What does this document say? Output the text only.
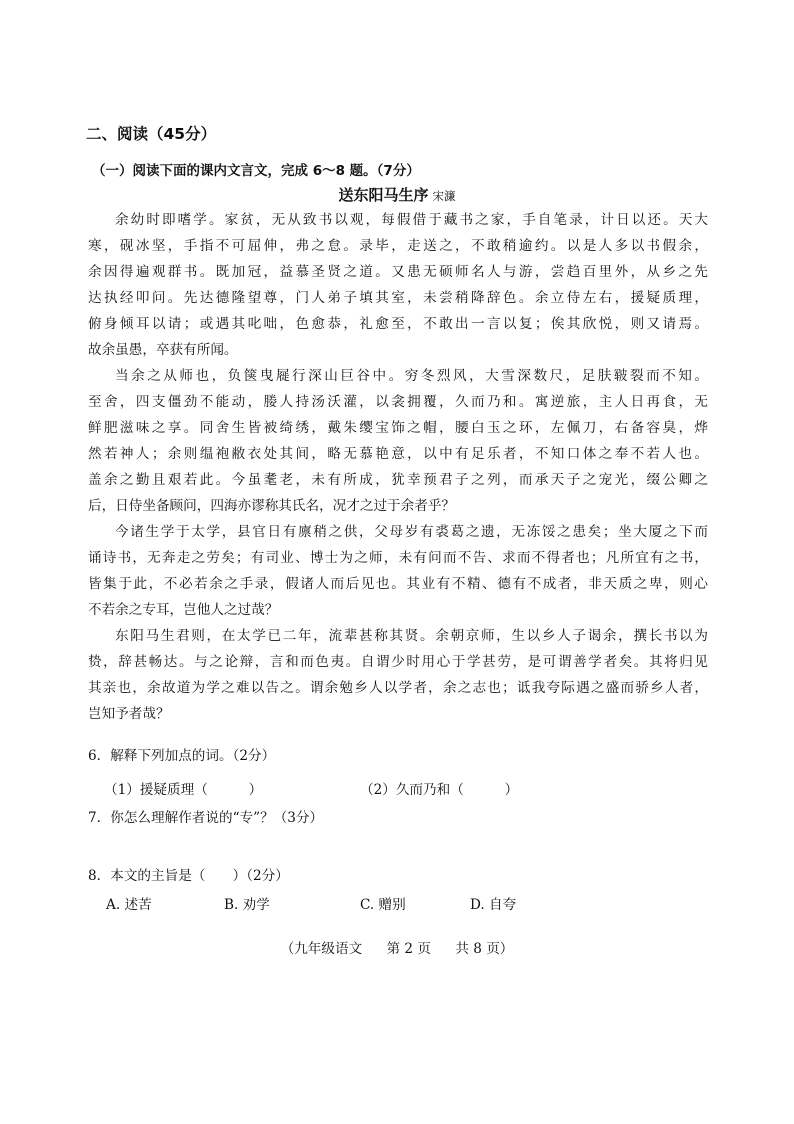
二、阅读（45分）
（一）阅读下面的课内文言文，完成 6～8 题。（7分）
送东阳马生序 宋濂
余幼时即嗜学。家贫，无从致书以观，每假借于藏书之家，手自笔录，计日以还。天大
寒，砚冰坚，手指不可屈伸，弗之怠。录毕，走送之，不敢稍逾约。以是人多以书假余，
余因得遍观群书。既加冠，益慕圣贤之道。又患无硕师名人与游，尝趋百里外，从乡之先
达执经叩问。先达德隆望尊，门人弟子填其室，未尝稍降辞色。余立侍左右，援疑质理，
俯身倾耳以请；或遇其叱咄，色愈恭，礼愈至，不敢出一言以复；俟其欣悦，则又请焉。
故余虽愚，卒获有所闻。
当余之从师也，负箧曳屣行深山巨谷中。穷冬烈风，大雪深数尺，足肤皲裂而不知。
至舍，四支僵劲不能动，媵人持汤沃灌，以衾拥覆，久而乃和。寓逆旅，主人日再食，无
鲜肥滋味之享。同舍生皆被绮绣，戴朱缨宝饰之帽，腰白玉之环，左佩刀，右备容臭，烨
然若神人；余则缊袍敝衣处其间，略无慕艳意，以中有足乐者，不知口体之奉不若人也。
盖余之勤且艰若此。今虽耄老，未有所成，犹幸预君子之列，而承天子之宠光，缀公卿之
后，日侍坐备顾问，四海亦谬称其氏名，况才之过于余者乎？
今诸生学于太学，县官日有廪稍之供，父母岁有裘葛之遗，无冻馁之患矣；坐大厦之下而
诵诗书，无奔走之劳矣；有司业、博士为之师，未有问而不告、求而不得者也；凡所宜有之书，
皆集于此，不必若余之手录，假诸人而后见也。其业有不精、德有不成者，非天质之卑，则心
不若余之专耳，岂他人之过哉？
东阳马生君则，在太学已二年，流辈甚称其贤。余朝京师，生以乡人子谒余，撰长书以为
贽，辞甚畅达。与之论辩，言和而色夷。自谓少时用心于学甚劳，是可谓善学者矣。其将归见
其亲也，余故道为学之难以告之。谓余勉乡人以学者，余之志也；诋我夸际遇之盛而骄乡人者，
岂知予者哉？
6．解释下列加点的词。（2分）
（1）援疑质理（　　　）	（2）久而乃和（　　　）
7．你怎么理解作者说的“专”？（3分）
8．本文的主旨是（　　）（2分）
A. 述苦	B. 劝学	C. 赠别	D. 自夸
（九年级语文 第 2 页 共 8 页）
